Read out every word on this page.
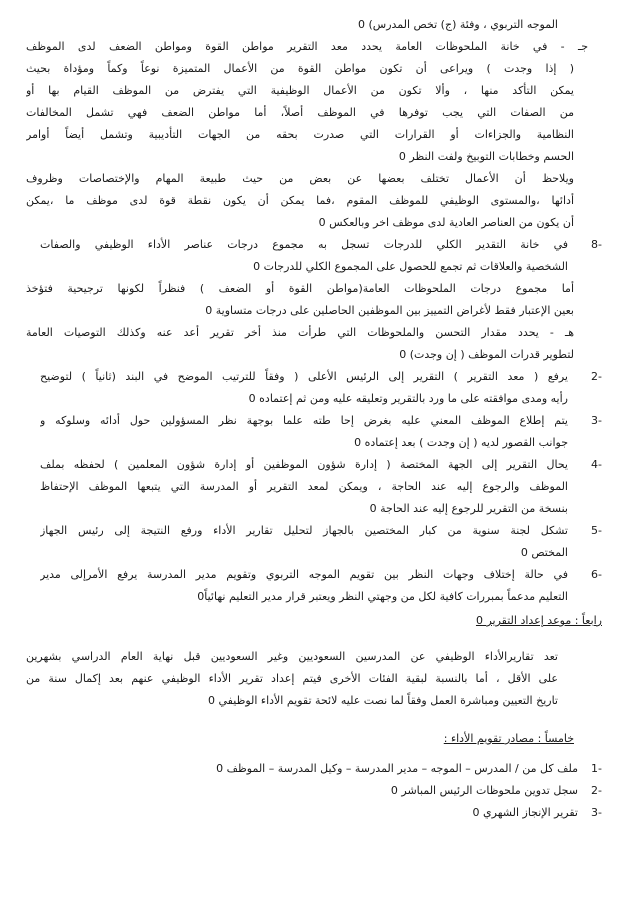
الموجه التربوي ، وفئة (ج) تخص المدرس) 0
جـ - في خانة الملحوظات العامة يحدد معد التقرير مواطن القوة ومواطن الضعف لدى الموظف
( إذا وجدت ) ويراعى أن تكون مواطن القوة من الأعمال المتميزة نوعاً وكماً ومؤداة بحيث
يمكن التأكد منها ، وألا تكون من الأعمال الوظيفية التي يفترض من الموظف القيام بها أو
من الصفات التي يجب توفرها في الموظف أصلاً، أما مواطن الضعف فهي تشمل المخالفات
النظامية والجزاءات أو القرارات التي صدرت بحقه من الجهات التأديبية وتشمل أيضاً أوامر
الحسم وخطابات التوبيخ ولفت النظر 0
ويلاحظ أن الأعمال تختلف بعضها عن بعض من حيث طبيعة المهام والإختصاصات وظروف
أدائها ،والمستوى الوظيفي للموظف المقوم ،فما يمكن أن يكون نقطة قوة لدى موظف ما ،يمكن
أن يكون من العناصر العادية لدى موظف اخر وبالعكس 0
-8
في خانة التقدير الكلي للدرجات تسجل به مجموع درجات عناصر الأداء الوظيفي والصفات
الشخصية والعلاقات ثم تجمع للحصول على المجموع الكلي للدرجات 0
أما مجموع درجات الملحوظات العامة(مواطن القوة أو الضعف ) فنظراً لكونها ترجيحية فتؤخذ
بعين الإعتبار فقط لأغراض التمييز بين الموظفين الحاصلين على درجات متساوية 0
هـ - يحدد مقدار التحسن والملحوظات التي طرأت منذ أخر تقرير أعد عنه وكذلك التوصيات العامة
لتطوير قدرات الموظف ( إن وجدت) 0
-2
يرفع ( معد التقرير ) التقرير إلى الرئيس الأعلى ( وفقاً للترتيب الموضح في البند (ثانياً ) لتوضيح
رأيه ومدى موافقته على ما ورد بالتقرير وتعليقه عليه ومن ثم إعتماده 0
-3
يتم إطلاع الموظف المعني عليه بغرض إحا طته علما بوجهة نظر المسؤولين حول أدائه وسلوكه و
جوانب القصور لديه ( إن وجدت ) بعد إعتماده 0
-4
يحال التقرير إلى الجهة المختصة ( إدارة شؤون الموظفين أو إدارة شؤون المعلمين ) لحفظه بملف
الموظف والرجوع إليه عند الحاجة ، ويمكن لمعد التقرير أو المدرسة التي يتبعها الموظف الإحتفاظ
بنسخة من التقرير للرجوع إليه عند الحاجة 0
-5
تشكل لجنة سنوية من كبار المختصين بالجهاز لتحليل تقارير الأداء ورفع النتيجة إلى رئيس الجهاز
المختص 0
-6
في حالة إختلاف وجهات النظر بين تقويم الموجه التربوي وتقويم مدير المدرسة يرفع الأمرإلى مدير
التعليم مدعماً بمبررات كافية لكل من وجهتي النظر ويعتبر قرار مدير التعليم نهائياً0
رابعاً : موعد إعداد التقرير 0
تعد تقاريرالأداء الوظيفي عن المدرسين السعوديين وغير السعوديين قبل نهاية العام الدراسي بشهرين
على الأقل ، أما بالنسبة لبقية الفئات الأخرى فيتم إعداد تقرير الأداء الوظيفي عنهم بعد إكمال سنة من
تاريخ التعيين ومباشرة العمل وفقاً لما نصت عليه لائحة تقويم الأداء الوظيفي 0
خامساً : مصادر تقويم الأداء :
-1
ملف كل من / المدرس – الموجه – مدير المدرسة – وكيل المدرسة – الموظف 0
-2
سجل تدوين ملحوظات الرئيس المباشر 0
-3
تقرير الإنجاز الشهري 0
